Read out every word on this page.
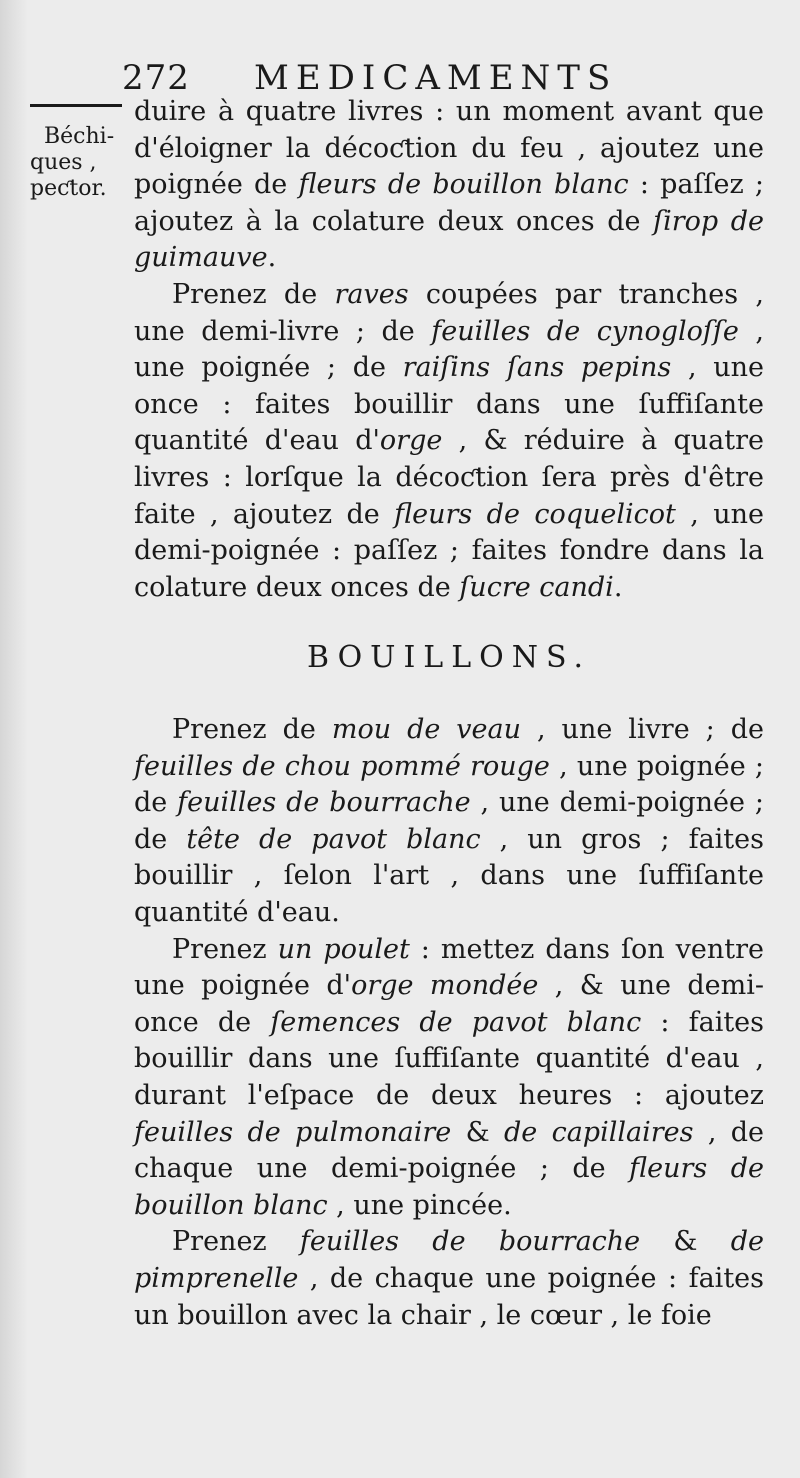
272 MEDICAMENTS
Béchi-
ques ,
peƈtor.

duire à quatre livres : un moment avant que d'éloigner la décoƈtion du feu , ajoutez une poignée de fleurs de bouillon blanc : paſſez ; ajoutez à la colature deux onces de ſirop de guimauve.

Prenez de raves coupées par tranches , une demi-livre ; de feuilles de cynogloſſe , une poignée ; de raiſins ſans pepins , une once : faites bouillir dans une ſuffiſante quantité d'eau d'orge , & réduire à quatre livres : lorſque la décoƈtion ſera près d'être faite , ajoutez de fleurs de coquelicot , une demi-poignée : paſſez ; faites fondre dans la colature deux onces de ſucre candi.

BOUILLONS.

Prenez de mou de veau , une livre ; de feuilles de chou pommé rouge , une poignée ; de feuilles de bourrache , une demi-poignée ; de tête de pavot blanc , un gros ; faites bouillir , ſelon l'art , dans une ſuffiſante quantité d'eau.

Prenez un poulet : mettez dans ſon ventre une poignée d'orge mondée , & une demi-once de ſemences de pavot blanc : faites bouillir dans une ſuffiſante quantité d'eau , durant l'eſpace de deux heures : ajoutez feuilles de pulmonaire & de capillaires , de chaque une demi-poignée ; de fleurs de bouillon blanc , une pincée.

Prenez feuilles de bourrache & de pimprenelle , de chaque une poignée : faites un bouillon avec la chair , le cœur , le foie
